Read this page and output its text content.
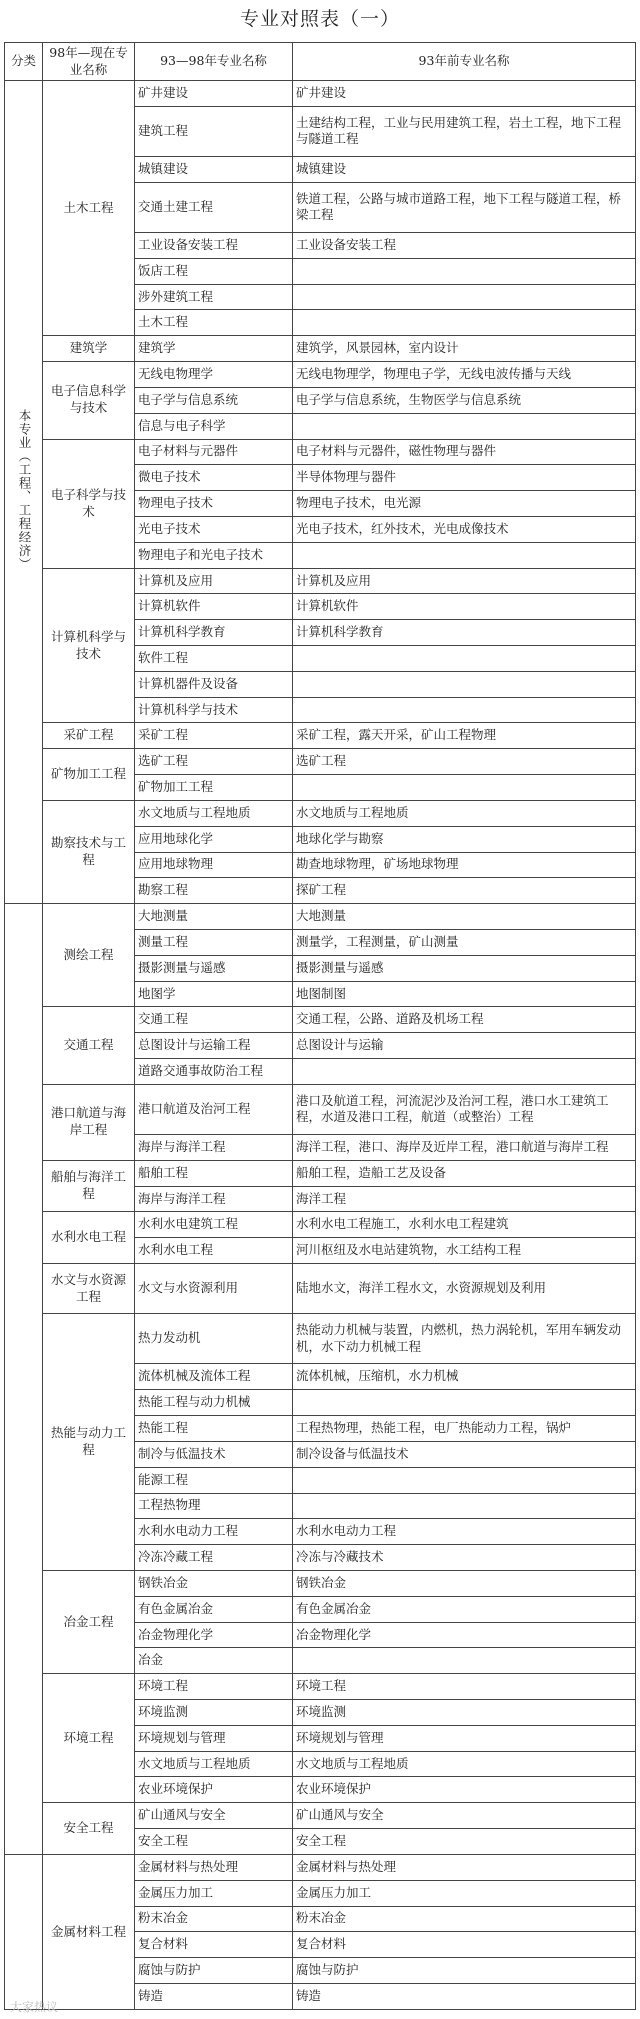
专业对照表（一）
分类	98年—现在专业名称	93—98年专业名称	93年前专业名称
本专业（工程、工程经济）	土木工程	矿井建设	矿井建设
		建筑工程	土建结构工程，工业与民用建筑工程，岩土工程，地下工程与隧道工程
		城镇建设	城镇建设
		交通土建工程	铁道工程，公路与城市道路工程，地下工程与隧道工程，桥梁工程
		工业设备安装工程	工业设备安装工程
		饭店工程	
		涉外建筑工程	
		土木工程	
	建筑学	建筑学	建筑学，风景园林，室内设计
	电子信息科学与技术	无线电物理学	无线电物理学，物理电子学，无线电波传播与天线
		电子学与信息系统	电子学与信息系统，生物医学与信息系统
		信息与电子科学	
	电子科学与技术	电子材料与元器件	电子材料与元器件，磁性物理与器件
		微电子技术	半导体物理与器件
		物理电子技术	物理电子技术，电光源
		光电子技术	光电子技术，红外技术，光电成像技术
		物理电子和光电子技术	
	计算机科学与技术	计算机及应用	计算机及应用
		计算机软件	计算机软件
		计算机科学教育	计算机科学教育
		软件工程	
		计算机器件及设备	
		计算机科学与技术	
	采矿工程	采矿工程	采矿工程，露天开采，矿山工程物理
	矿物加工工程	选矿工程	选矿工程
		矿物加工工程	
	勘察技术与工程	水文地质与工程地质	水文地质与工程地质
		应用地球化学	地球化学与勘察
		应用地球物理	勘查地球物理，矿场地球物理
		勘察工程	探矿工程
	测绘工程	大地测量	大地测量
		测量工程	测量学，工程测量，矿山测量
		摄影测量与遥感	摄影测量与遥感
		地图学	地图制图
	交通工程	交通工程	交通工程，公路、道路及机场工程
		总图设计与运输工程	总图设计与运输
		道路交通事故防治工程	
	港口航道与海岸工程	港口航道及治河工程	港口及航道工程，河流泥沙及治河工程，港口水工建筑工程，水道及港口工程，航道（或整治）工程
		海岸与海洋工程	海洋工程，港口、海岸及近岸工程，港口航道与海岸工程
	船舶与海洋工程	船舶工程	船舶工程，造船工艺及设备
		海岸与海洋工程	海洋工程
	水利水电工程	水利水电建筑工程	水利水电工程施工，水利水电工程建筑
		水利水电工程	河川枢纽及水电站建筑物，水工结构工程
	水文与水资源工程	水文与水资源利用	陆地水文，海洋工程水文，水资源规划及利用
	热能与动力工程	热力发动机	热能动力机械与装置，内燃机，热力涡轮机，军用车辆发动机，水下动力机械工程
		流体机械及流体工程	流体机械，压缩机，水力机械
		热能工程与动力机械	
		热能工程	工程热物理，热能工程，电厂热能动力工程，锅炉
		制冷与低温技术	制冷设备与低温技术
		能源工程	
		工程热物理	
		水利水电动力工程	水利水电动力工程
		冷冻冷藏工程	冷冻与冷藏技术
	冶金工程	钢铁冶金	钢铁冶金
		有色金属冶金	有色金属冶金
		冶金物理化学	冶金物理化学
		冶金	
	环境工程	环境工程	环境工程
		环境监测	环境监测
		环境规划与管理	环境规划与管理
		水文地质与工程地质	水文地质与工程地质
		农业环境保护	农业环境保护
	安全工程	矿山通风与安全	矿山通风与安全
		安全工程	安全工程
	金属材料工程	金属材料与热处理	金属材料与热处理
		金属压力加工	金属压力加工
		粉末冶金	粉末冶金
		复合材料	复合材料
		腐蚀与防护	腐蚀与防护
		铸造	铸造
大家热议
